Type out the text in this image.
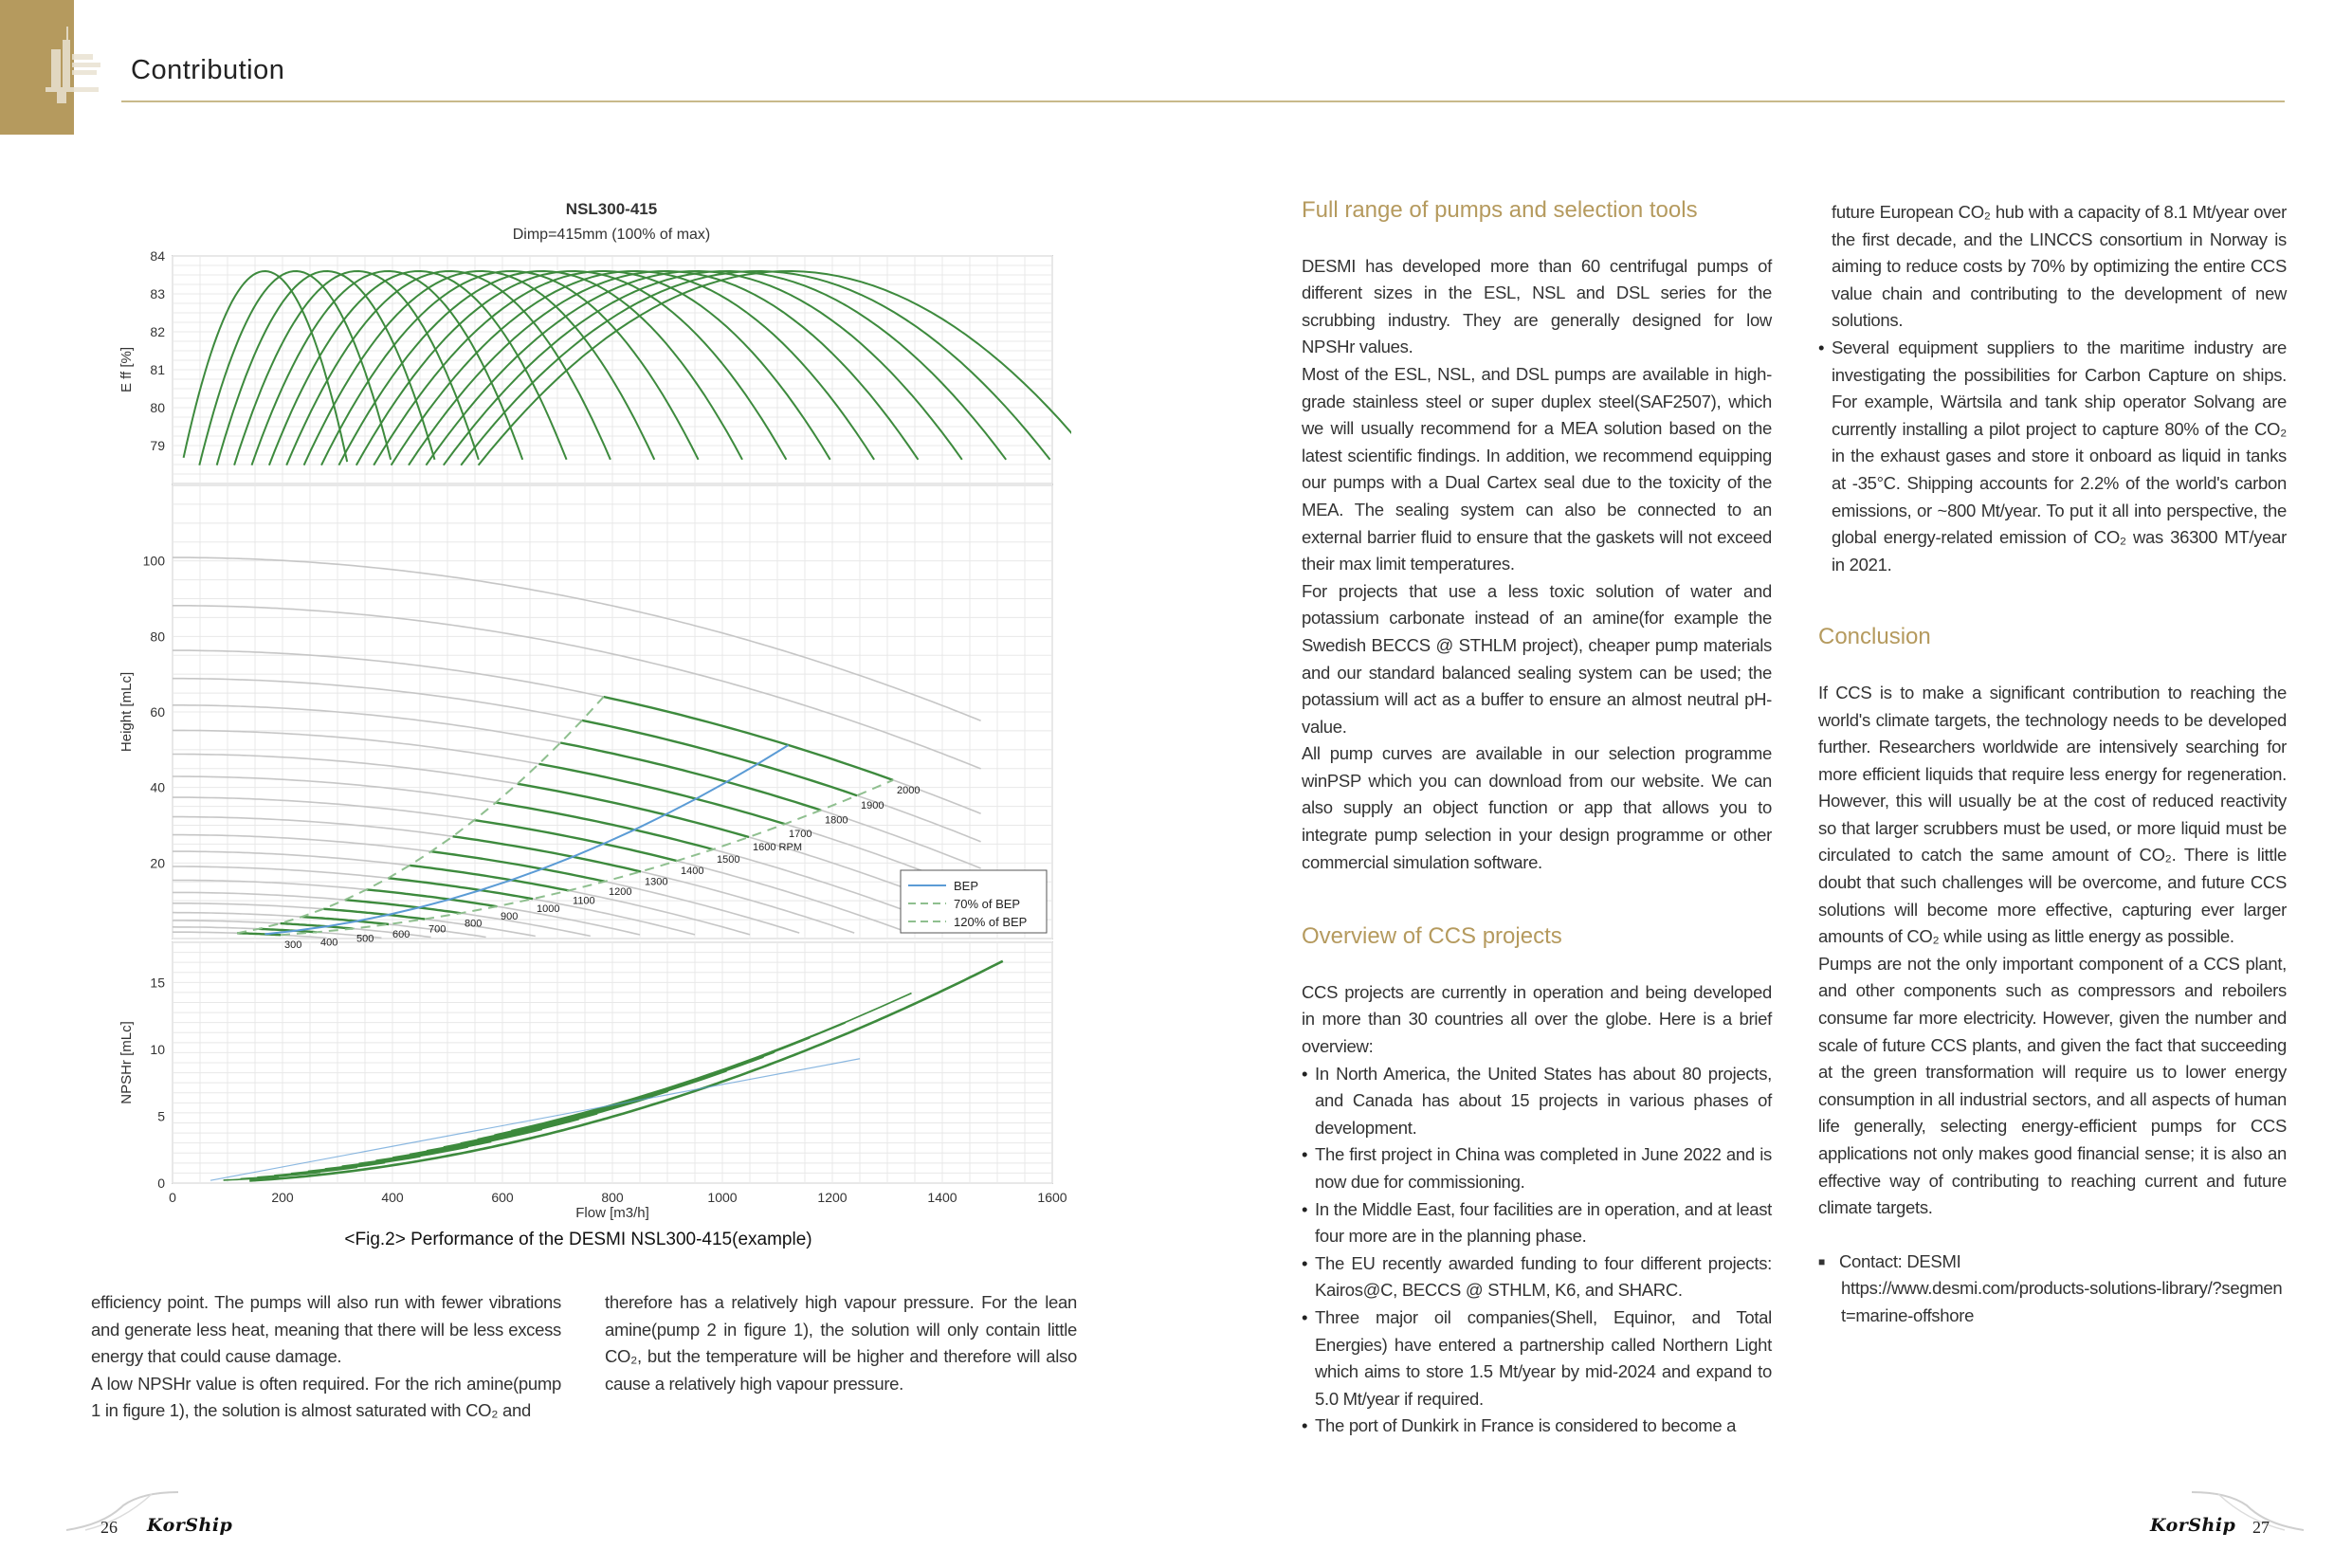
Contribution
NSL300-415
Dimp=415mm (100% of max)
E ff [%]
Height [mLc]
NPSHr [mLc]
Flow [m3/h]
0	200	400	600	800	1000	1200	1400	1600
79
80
81
82
83
84
20
40
60
80
100
0
5
10
15
300 400 500 600 700
800
900
1000
1100
1200
1300
1400
1500
1600 RPM
1700
1800
1900
2000
BEP
70% of BEP
120% of BEP
<Fig.2> Performance of the DESMI NSL300-415(example)

efficiency point. The pumps will also run with fewer vibrations and generate less heat, meaning that there will be less excess energy that could cause damage.

A low NPSHr value is often required. For the rich amine(pump 1 in figure 1), the solution is almost saturated with CO₂ and

therefore has a relatively high vapour pressure. For the lean amine(pump 2 in figure 1), the solution will only contain little CO₂, but the temperature will be higher and therefore will also cause a relatively high vapour pressure.

Full range of pumps and selection tools

DESMI has developed more than 60 centrifugal pumps of different sizes in the ESL, NSL and DSL series for the scrubbing industry. They are generally designed for low NPSHr values.

Most of the ESL, NSL, and DSL pumps are available in high-grade stainless steel or super duplex steel(SAF2507), which we will usually recommend for a MEA solution based on the latest scientific findings. In addition, we recommend equipping our pumps with a Dual Cartex seal due to the toxicity of the MEA. The sealing system can also be connected to an external barrier fluid to ensure that the gaskets will not exceed their max limit temperatures.

For projects that use a less toxic solution of water and potassium carbonate instead of an amine(for example the Swedish BECCS @ STHLM project), cheaper pump materials and our standard balanced sealing system can be used; the potassium will act as a buffer to ensure an almost neutral pH-value.

All pump curves are available in our selection programme winPSP which you can download from our website. We can also supply an object function or app that allows you to integrate pump selection in your design programme or other commercial simulation software.

Overview of CCS projects

CCS projects are currently in operation and being developed in more than 30 countries all over the globe. Here is a brief overview:

• In North America, the United States has about 80 projects, and Canada has about 15 projects in various phases of development.

• The first project in China was completed in June 2022 and is now due for commissioning.

• In the Middle East, four facilities are in operation, and at least four more are in the planning phase.

• The EU recently awarded funding to four different projects: Kairos@C, BECCS @ STHLM, K6, and SHARC.

• Three major oil companies(Shell, Equinor, and Total Energies) have entered a partnership called Northern Light which aims to store 1.5 Mt/year by mid-2024 and expand to 5.0 Mt/year if required.

• The port of Dunkirk in France is considered to become a

future European CO₂ hub with a capacity of 8.1 Mt/year over the first decade, and the LINCCS consortium in Norway is aiming to reduce costs by 70% by optimizing the entire CCS value chain and contributing to the development of new solutions.

• Several equipment suppliers to the maritime industry are investigating the possibilities for Carbon Capture on ships. For example, Wärtsila and tank ship operator Solvang are currently installing a pilot project to capture 80% of the CO₂ in the exhaust gases and store it onboard as liquid in tanks at -35°C. Shipping accounts for 2.2% of the world's carbon emissions, or ~800 Mt/year. To put it all into perspective, the global energy-related emission of CO₂ was 36300 MT/year in 2021.

Conclusion

If CCS is to make a significant contribution to reaching the world's climate targets, the technology needs to be developed further. Researchers worldwide are intensively searching for more efficient liquids that require less energy for regeneration. However, this will usually be at the cost of reduced reactivity so that larger scrubbers must be used, or more liquid must be circulated to catch the same amount of CO₂. There is little doubt that such challenges will be overcome, and future CCS solutions will become more effective, capturing ever larger amounts of CO₂ while using as little energy as possible.

Pumps are not the only important component of a CCS plant, and other components such as compressors and reboilers consume far more electricity. However, given the number and scale of future CCS plants, and given the fact that succeeding at the green transformation will require us to lower energy consumption in all industrial sectors, and all aspects of human life generally, selecting energy-efficient pumps for CCS applications not only makes good financial sense; it is also an effective way of contributing to reaching current and future climate targets.

■ Contact: DESMI

https://www.desmi.com/products-solutions-library/?segment=marine-offshore

26 KorShip	KorShip 27
